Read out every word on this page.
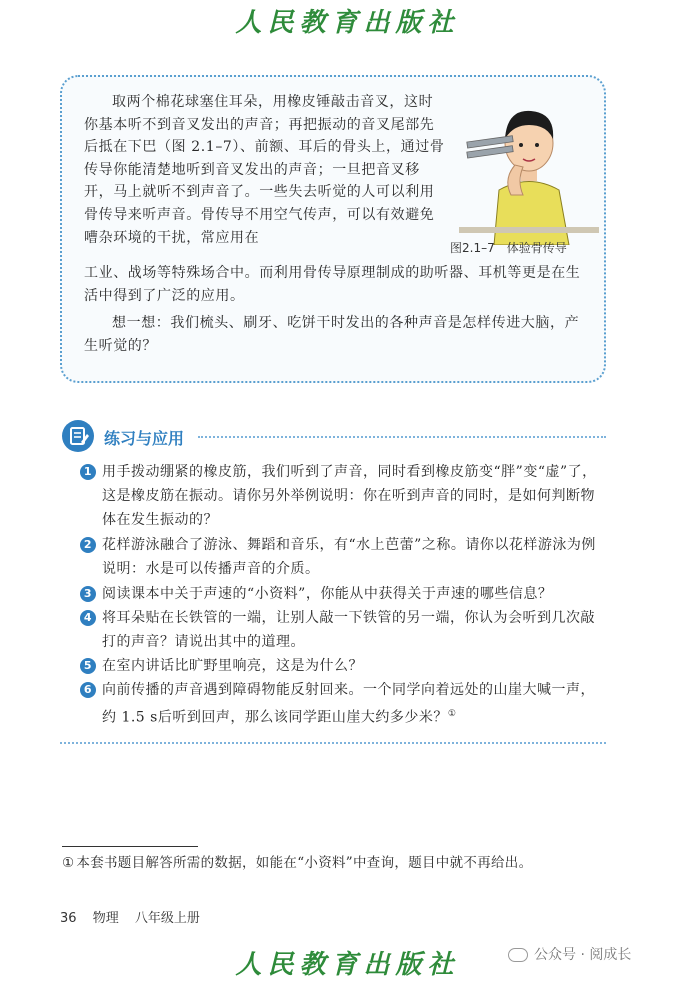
人民教育出版社

取两个棉花球塞住耳朵，用橡皮锤敲击音叉，这时你基本听不到音叉发出的声音；再把振动的音叉尾部先后抵在下巴（图 2.1–7）、前额、耳后的骨头上，通过骨传导你能清楚地听到音叉发出的声音；一旦把音叉移开，马上就听不到声音了。一些失去听觉的人可以利用骨传导来听声音。骨传导不用空气传声，可以有效避免嘈杂环境的干扰，常应用在

图2.1–7　体验骨传导

工业、战场等特殊场合中。而利用骨传导原理制成的助听器、耳机等更是在生活中得到了广泛的应用。

想一想：我们梳头、刷牙、吃饼干时发出的各种声音是怎样传进大脑，产生听觉的？

练习与应用
1 用手拨动绷紧的橡皮筋，我们听到了声音，同时看到橡皮筋变“胖”变“虚”了，这是橡皮筋在振动。请你另外举例说明：你在听到声音的同时，是如何判断物体在发生振动的？
2 花样游泳融合了游泳、舞蹈和音乐，有“水上芭蕾”之称。请你以花样游泳为例说明：水是可以传播声音的介质。
3 阅读课本中关于声速的“小资料”，你能从中获得关于声速的哪些信息？
4 将耳朵贴在长铁管的一端，让别人敲一下铁管的另一端，你认为会听到几次敲打的声音？请说出其中的道理。
5 在室内讲话比旷野里响亮，这是为什么？
6 向前传播的声音遇到障碍物能反射回来。一个同学向着远处的山崖大喊一声，约 1.5 s后听到回声，那么该同学距山崖大约多少米？①
① 本套书题目解答所需的数据，如能在“小资料”中查询，题目中就不再给出。
36 物理 八年级上册
人民教育出版社	公众号 · 阅成长
